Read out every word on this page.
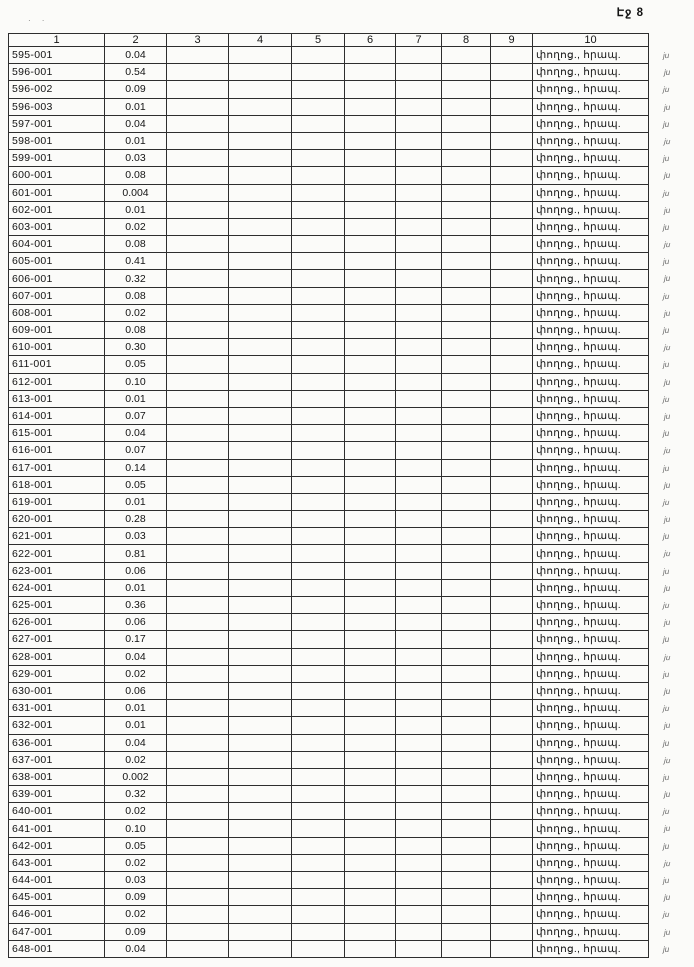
Էջ 8
· .
1	2	3	4	5	6	7	8	9	10
595-001	0.04								փողոց., հրապ.
596-001	0.54								փողոց., հրապ.
596-002	0.09								փողոց., հրապ.
596-003	0.01								փողոց., հրապ.
597-001	0.04								փողոց., հրապ.
598-001	0.01								փողոց., հրապ.
599-001	0.03								փողոց., հրապ.
600-001	0.08								փողոց., հրապ.
601-001	0.004								փողոց., հրապ.
602-001	0.01								փողոց., հրապ.
603-001	0.02								փողոց., հրապ.
604-001	0.08								փողոց., հրապ.
605-001	0.41								փողոց., հրապ.
606-001	0.32								փողոց., հրապ.
607-001	0.08								փողոց., հրապ.
608-001	0.02								փողոց., հրապ.
609-001	0.08								փողոց., հրապ.
610-001	0.30								փողոց., հրապ.
611-001	0.05								փողոց., հրապ.
612-001	0.10								փողոց., հրապ.
613-001	0.01								փողոց., հրապ.
614-001	0.07								փողոց., հրապ.
615-001	0.04								փողոց., հրապ.
616-001	0.07								փողոց., հրապ.
617-001	0.14								փողոց., հրապ.
618-001	0.05								փողոց., հրապ.
619-001	0.01								փողոց., հրապ.
620-001	0.28								փողոց., հրապ.
621-001	0.03								փողոց., հրապ.
622-001	0.81								փողոց., հրապ.
623-001	0.06								փողոց., հրապ.
624-001	0.01								փողոց., հրապ.
625-001	0.36								փողոց., հրապ.
626-001	0.06								փողոց., հրապ.
627-001	0.17								փողոց., հրապ.
628-001	0.04								փողոց., հրապ.
629-001	0.02								փողոց., հրապ.
630-001	0.06								փողոց., հրապ.
631-001	0.01								փողոց., հրապ.
632-001	0.01								փողոց., հրապ.
636-001	0.04								փողոց., հրապ.
637-001	0.02								փողոց., հրապ.
638-001	0.002								փողոց., հրապ.
639-001	0.32								փողոց., հրապ.
640-001	0.02								փողոց., հրապ.
641-001	0.10								փողոց., հրապ.
642-001	0.05								փողոց., հրապ.
643-001	0.02								փողոց., հրապ.
644-001	0.03								փողոց., հրապ.
645-001	0.09								փողոց., հրապ.
646-001	0.02								փողոց., հրապ.
647-001	0.09								փողոց., հրապ.
648-001	0.04								փողոց., հրապ.
ju
ju
ju
ju
ju
ju
ju
ju
ju
ju
ju
ju
ju
ju
ju
ju
ju
ju
ju
ju
ju
ju
ju
ju
ju
ju
ju
ju
ju
ju
ju
ju
ju
ju
ju
ju
ju
ju
ju
ju
ju
ju
ju
ju
ju
ju
ju
ju
ju
ju
ju
ju
ju
